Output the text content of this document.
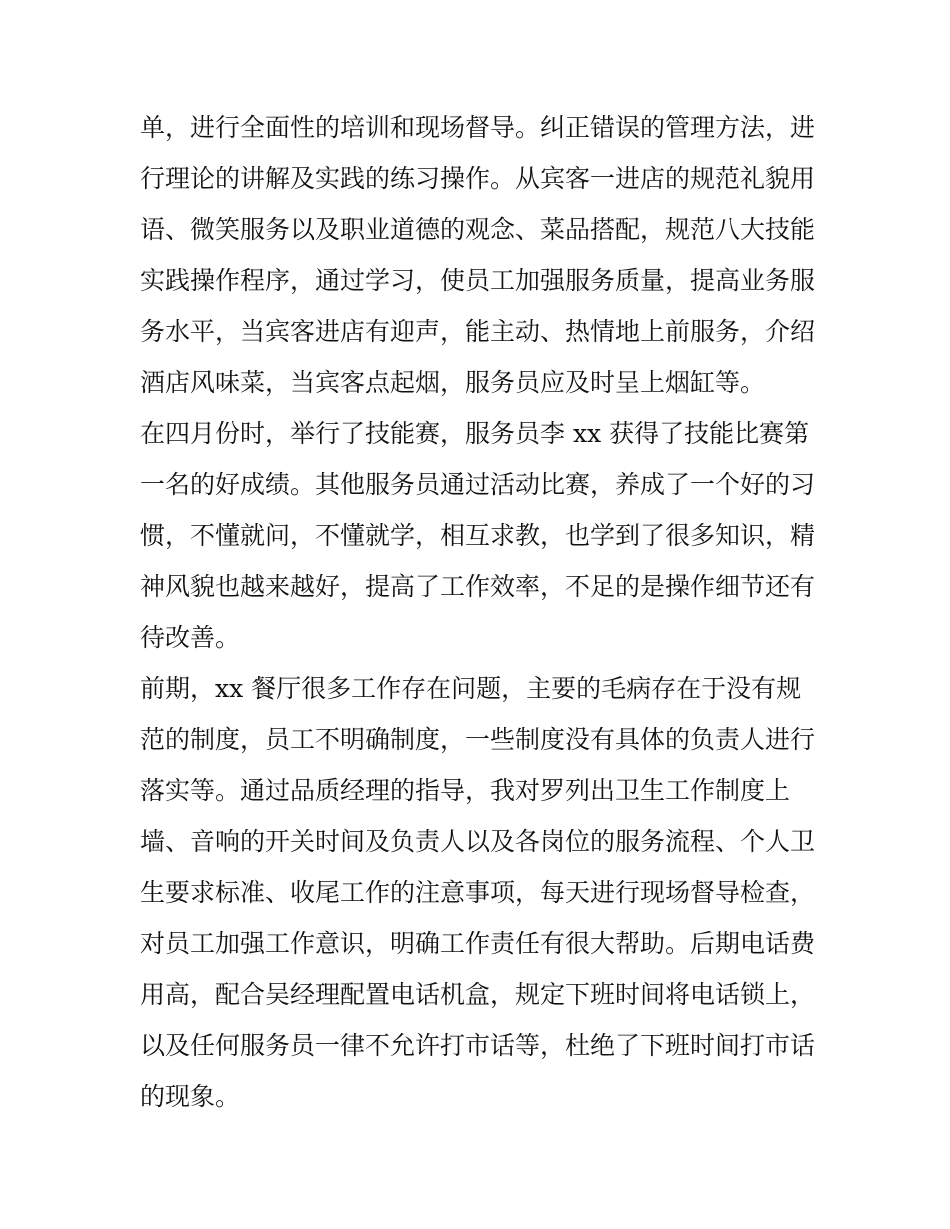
单，进行全面性的培训和现场督导。纠正错误的管理方法，进
行理论的讲解及实践的练习操作。从宾客一进店的规范礼貌用
语、微笑服务以及职业道德的观念、菜品搭配，规范八大技能
实践操作程序，通过学习，使员工加强服务质量，提高业务服
务水平，当宾客进店有迎声，能主动、热情地上前服务，介绍
酒店风味菜，当宾客点起烟，服务员应及时呈上烟缸等。
在四月份时，举行了技能赛，服务员李 xx 获得了技能比赛第
一名的好成绩。其他服务员通过活动比赛，养成了一个好的习
惯，不懂就问，不懂就学，相互求教，也学到了很多知识，精
神风貌也越来越好，提高了工作效率，不足的是操作细节还有
待改善。
前期，xx 餐厅很多工作存在问题，主要的毛病存在于没有规
范的制度，员工不明确制度，一些制度没有具体的负责人进行
落实等。通过品质经理的指导，我对罗列出卫生工作制度上
墙、音响的开关时间及负责人以及各岗位的服务流程、个人卫
生要求标准、收尾工作的注意事项，每天进行现场督导检查，
对员工加强工作意识，明确工作责任有很大帮助。后期电话费
用高，配合吴经理配置电话机盒，规定下班时间将电话锁上，
以及任何服务员一律不允许打市话等，杜绝了下班时间打市话
的现象。
